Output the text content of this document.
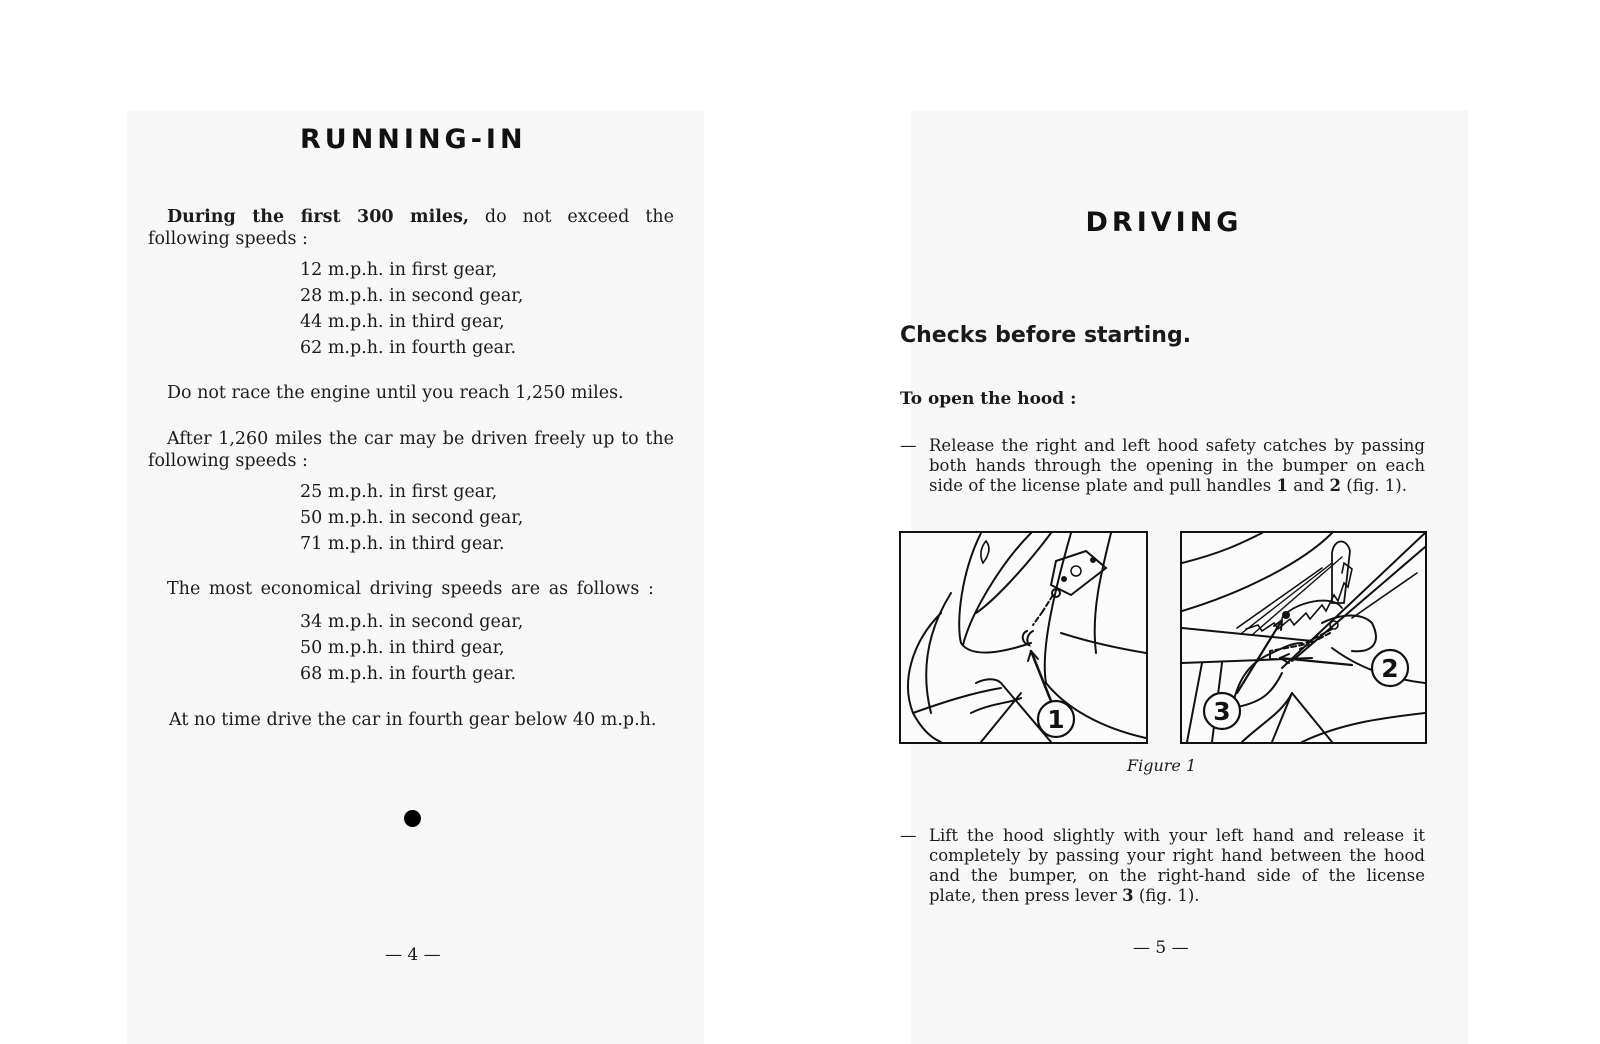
RUNNING-IN
During the first 300 miles, do not exceed the following speeds :
12 m.p.h. in first gear,
28 m.p.h. in second gear,
44 m.p.h. in third gear,
62 m.p.h. in fourth gear.
Do not race the engine until you reach 1,250 miles.
After 1,260 miles the car may be driven freely up to the following speeds :
25 m.p.h. in first gear,
50 m.p.h. in second gear,
71 m.p.h. in third gear.
The most economical driving speeds are as follows :
34 m.p.h. in second gear,
50 m.p.h. in third gear,
68 m.p.h. in fourth gear.
At no time drive the car in fourth gear below 40 m.p.h.
— 4 —
DRIVING
Checks before starting.
To open the hood :
— Release the right and left hood safety catches by passing both hands through the opening in the bumper on each side of the license plate and pull handles 1 and 2 (fig. 1).
1
2
3
Figure 1
— Lift the hood slightly with your left hand and release it completely by passing your right hand between the hood and the bumper, on the right-hand side of the license plate, then press lever 3 (fig. 1).
— 5 —
